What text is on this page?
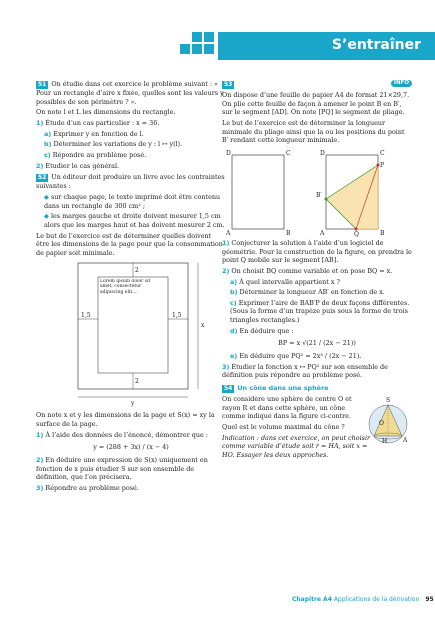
S’entraîner

51 On étudie dans cet exercice le problème suivant : « Pour un rectangle d’aire x fixée, quelles sont les valeurs y possibles de son périmètre ? ».

On note l et L les dimensions du rectangle.

1) Étude d’un cas particulier : x = 36.

a) Exprimer y en fonction de l.

b) Déterminer les variations de y : l ↦ y(l).

c) Répondre au problème posé.

2) Étudier le cas général.

52 Un éditeur doit produire un livre avec les contraintes suivantes :

◆ sur chaque page, le texte imprimé doit être contenu dans un rectangle de 300 cm² ;

◆ les marges gauche et droite doivent mesurer 1,5 cm alors que les marges haut et bas doivent mesurer 2 cm.

Le but de l’exercice est de déterminer quelles doivent être les dimensions de la page pour que la consommation de papier soit minimale.

Lorem ipsum dolor sit amet, consectetur adipiscing elit....
2
2
1,5	1,5
x
y

On note x et y les dimensions de la page et S(x) = xy la surface de la page.

1) À l’aide des données de l’énoncé, démontrer que :

y = (288 + 3x) / (x − 4)

2) En déduire une expression de S(x) uniquement en fonction de x puis étudier S sur son ensemble de définition, que l’on précisera.

3) Répondre au problème posé.

INFO

53

On dispose d’une feuille de papier A4 de format 21×29,7. On plie cette feuille de façon à amener le point B en B′, sur le segment [AD]. On note [PQ] le segment de pliage.

Le but de l’exercice est de déterminer la longueur minimale du pliage ainsi que la ou les positions du point B′ rendant cette longueur minimale.

D	C
A	B
D	C
P
B′
A	Q	B

1) Conjecturer la solution à l’aide d’un logiciel de géométrie. Pour la construction de la figure, on prendra le point Q mobile sur le segment [AB].

2) On choisit BQ comme variable et on pose BQ = x.

a) À quel intervalle appartient x ?

b) Déterminer la longueur AB′ en fonction de x.

c) Exprimer l’aire de BAB′P de deux façons différentes. (Sous la forme d’un trapèze puis sous la forme de trois triangles rectangles.)

d) En déduire que :

BP = x √(21 / (2x − 21))

e) En déduire que PQ² = 2x³ / (2x − 21).

3) Étudier la fonction x ↦ PQ² sur son ensemble de définition puis répondre au problème posé.

54 Un cône dans une sphère

S
O
H	A

On considère une sphère de centre O et rayon R et dans cette sphère, un cône comme indiqué dans la figure ci-contre.

Quel est le volume maximal du cône ?

Indication : dans cet exercice, on peut choisir comme variable d’étude soit r = HA, soit x = HO. Essayer les deux approches.

Chapitre A4 Applications de la dérivation 95
